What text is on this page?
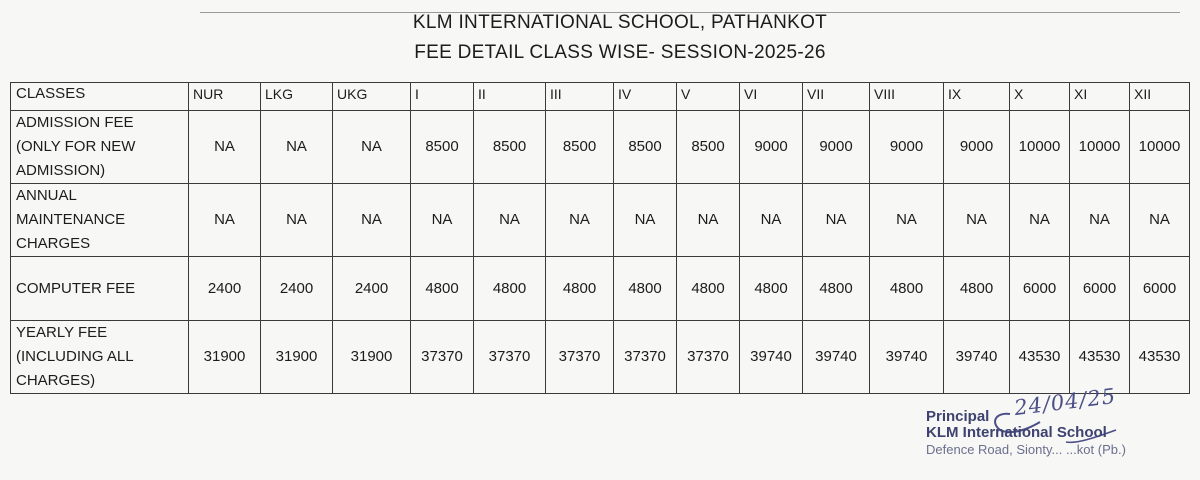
KLM INTERNATIONAL SCHOOL, PATHANKOT
FEE DETAIL CLASS WISE- SESSION-2025-26
CLASSES	NUR	LKG	UKG	I	II	III	IV	V	VI	VII	VIII	IX	X	XI	XII

ADMISSION FEE
(ONLY FOR NEW
ADMISSION)	NA	NA	NA	8500	8500	8500	8500	8500	9000	9000	9000	9000	10000	10000	10000

ANNUAL
MAINTENANCE
CHARGES	NA	NA	NA	NA	NA	NA	NA	NA	NA	NA	NA	NA	NA	NA	NA

COMPUTER FEE	2400	2400	2400	4800	4800	4800	4800	4800	4800	4800	4800	4800	6000	6000	6000

YEARLY FEE
(INCLUDING ALL
CHARGES)	31900	31900	31900	37370	37370	37370	37370	37370	39740	39740	39740	39740	43530	43530	43530
24/04/25
Principal
KLM International School
Defence Road, Sionty... ...kot (Pb.)
